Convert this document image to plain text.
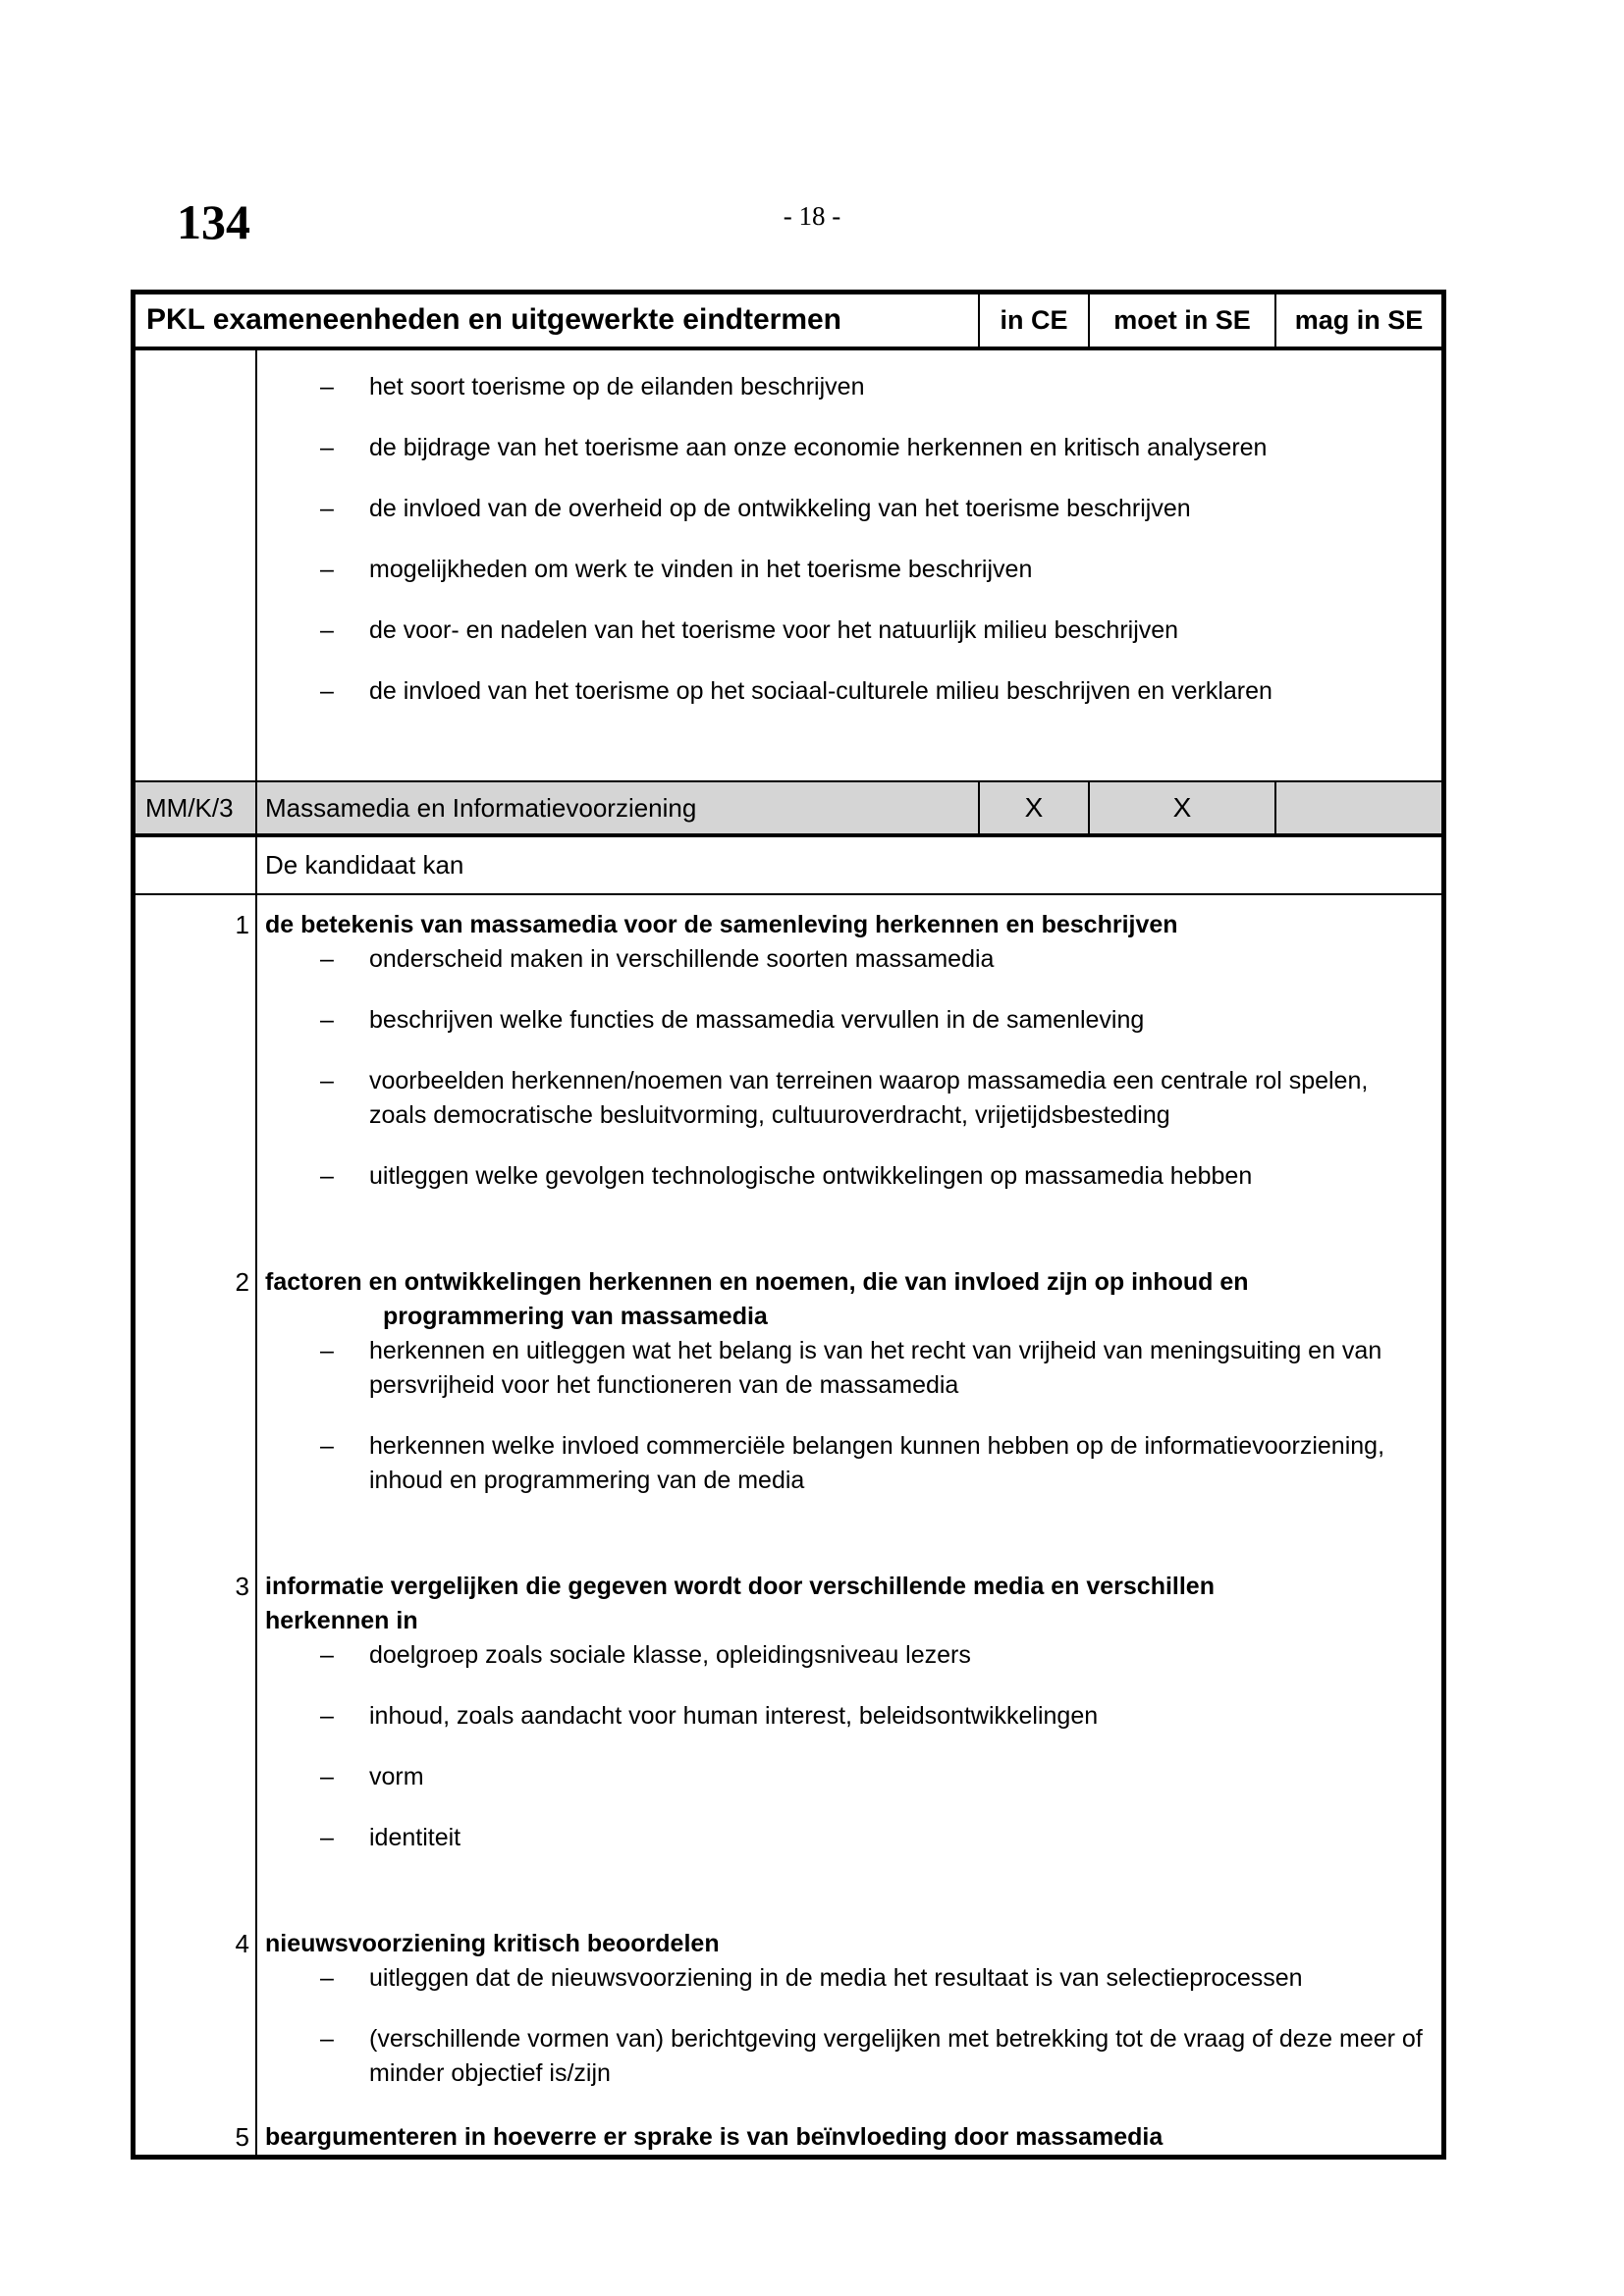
134	- 18 -
PKL exameneenheden en uitgewerkte eindtermen	in CE	moet in SE	mag in SE
–	het soort toerisme op de eilanden beschrijven
–	de bijdrage van het toerisme aan onze economie herkennen en kritisch analyseren
–	de invloed van de overheid op de ontwikkeling van het toerisme beschrijven
–	mogelijkheden om werk te vinden in het toerisme beschrijven
–	de voor- en nadelen van het toerisme voor het natuurlijk milieu beschrijven
–	de invloed van het toerisme op het sociaal-culturele milieu beschrijven en verklaren
MM/K/3	Massamedia en Informatievoorziening	X	X
De kandidaat kan
1 de betekenis van massamedia voor de samenleving herkennen en beschrijven
–	onderscheid maken in verschillende soorten massamedia
–	beschrijven welke functies de massamedia vervullen in de samenleving
–	voorbeelden herkennen/noemen van terreinen waarop massamedia een centrale rol spelen, zoals democratische besluitvorming, cultuuroverdracht, vrijetijdsbesteding
–	uitleggen welke gevolgen technologische ontwikkelingen op massamedia hebben
2 factoren en ontwikkelingen herkennen en noemen, die van invloed zijn op inhoud en
programmering van massamedia
–	herkennen en uitleggen wat het belang is van het recht van vrijheid van meningsuiting en van persvrijheid voor het functioneren van de massamedia
–	herkennen welke invloed commerciële belangen kunnen hebben op de informatievoorziening, inhoud en programmering van de media
3 informatie vergelijken die gegeven wordt door verschillende media en verschillen
herkennen in
–	doelgroep zoals sociale klasse, opleidingsniveau lezers
–	inhoud, zoals aandacht voor human interest, beleidsontwikkelingen
–	vorm
–	identiteit
4 nieuwsvoorziening kritisch beoordelen
–	uitleggen dat de nieuwsvoorziening in de media het resultaat is van selectieprocessen
–	(verschillende vormen van) berichtgeving vergelijken met betrekking tot de vraag of deze meer of minder objectief is/zijn
5 beargumenteren in hoeverre er sprake is van beïnvloeding door massamedia
